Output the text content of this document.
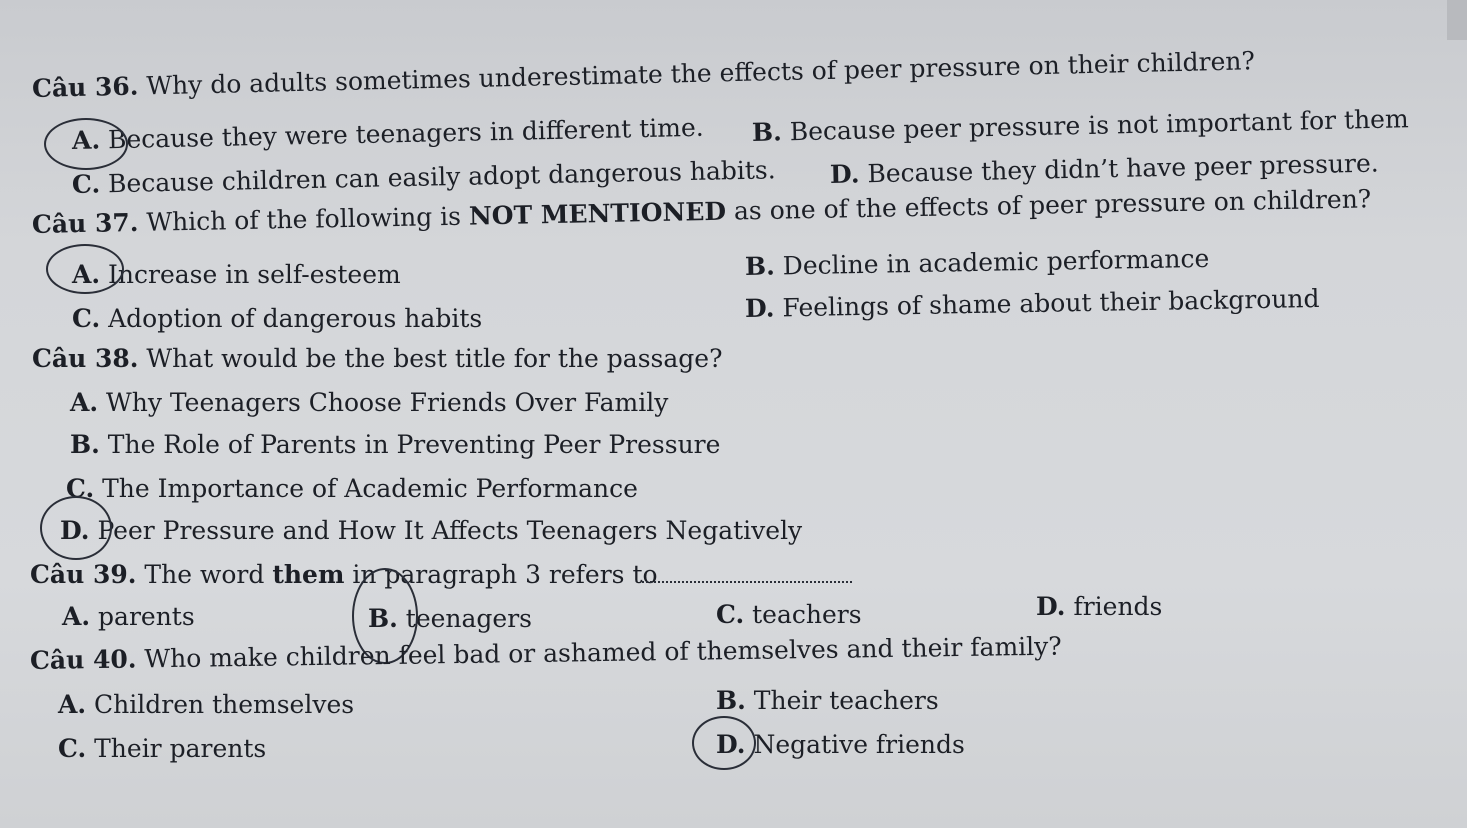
Câu 36. Why do adults sometimes underestimate the effects of peer pressure on their children?
A. Because they were teenagers in different time. B. Because peer pressure is not important for them
C. Because children can easily adopt dangerous habits. D. Because they didn’t have peer pressure.
Câu 37. Which of the following is NOT MENTIONED as one of the effects of peer pressure on children?
A. Increase in self-esteem	B. Decline in academic performance
C. Adoption of dangerous habits	D. Feelings of shame about their background
Câu 38. What would be the best title for the passage?
A. Why Teenagers Choose Friends Over Family
B. The Role of Parents in Preventing Peer Pressure
C. The Importance of Academic Performance
D. Peer Pressure and How It Affects Teenagers Negatively
Câu 39. The word them in paragraph 3 refers to
A. parents	B. teenagers	C. teachers	D. friends
Câu 40. Who make children feel bad or ashamed of themselves and their family?
A. Children themselves	B. Their teachers
C. Their parents	D. Negative friends
